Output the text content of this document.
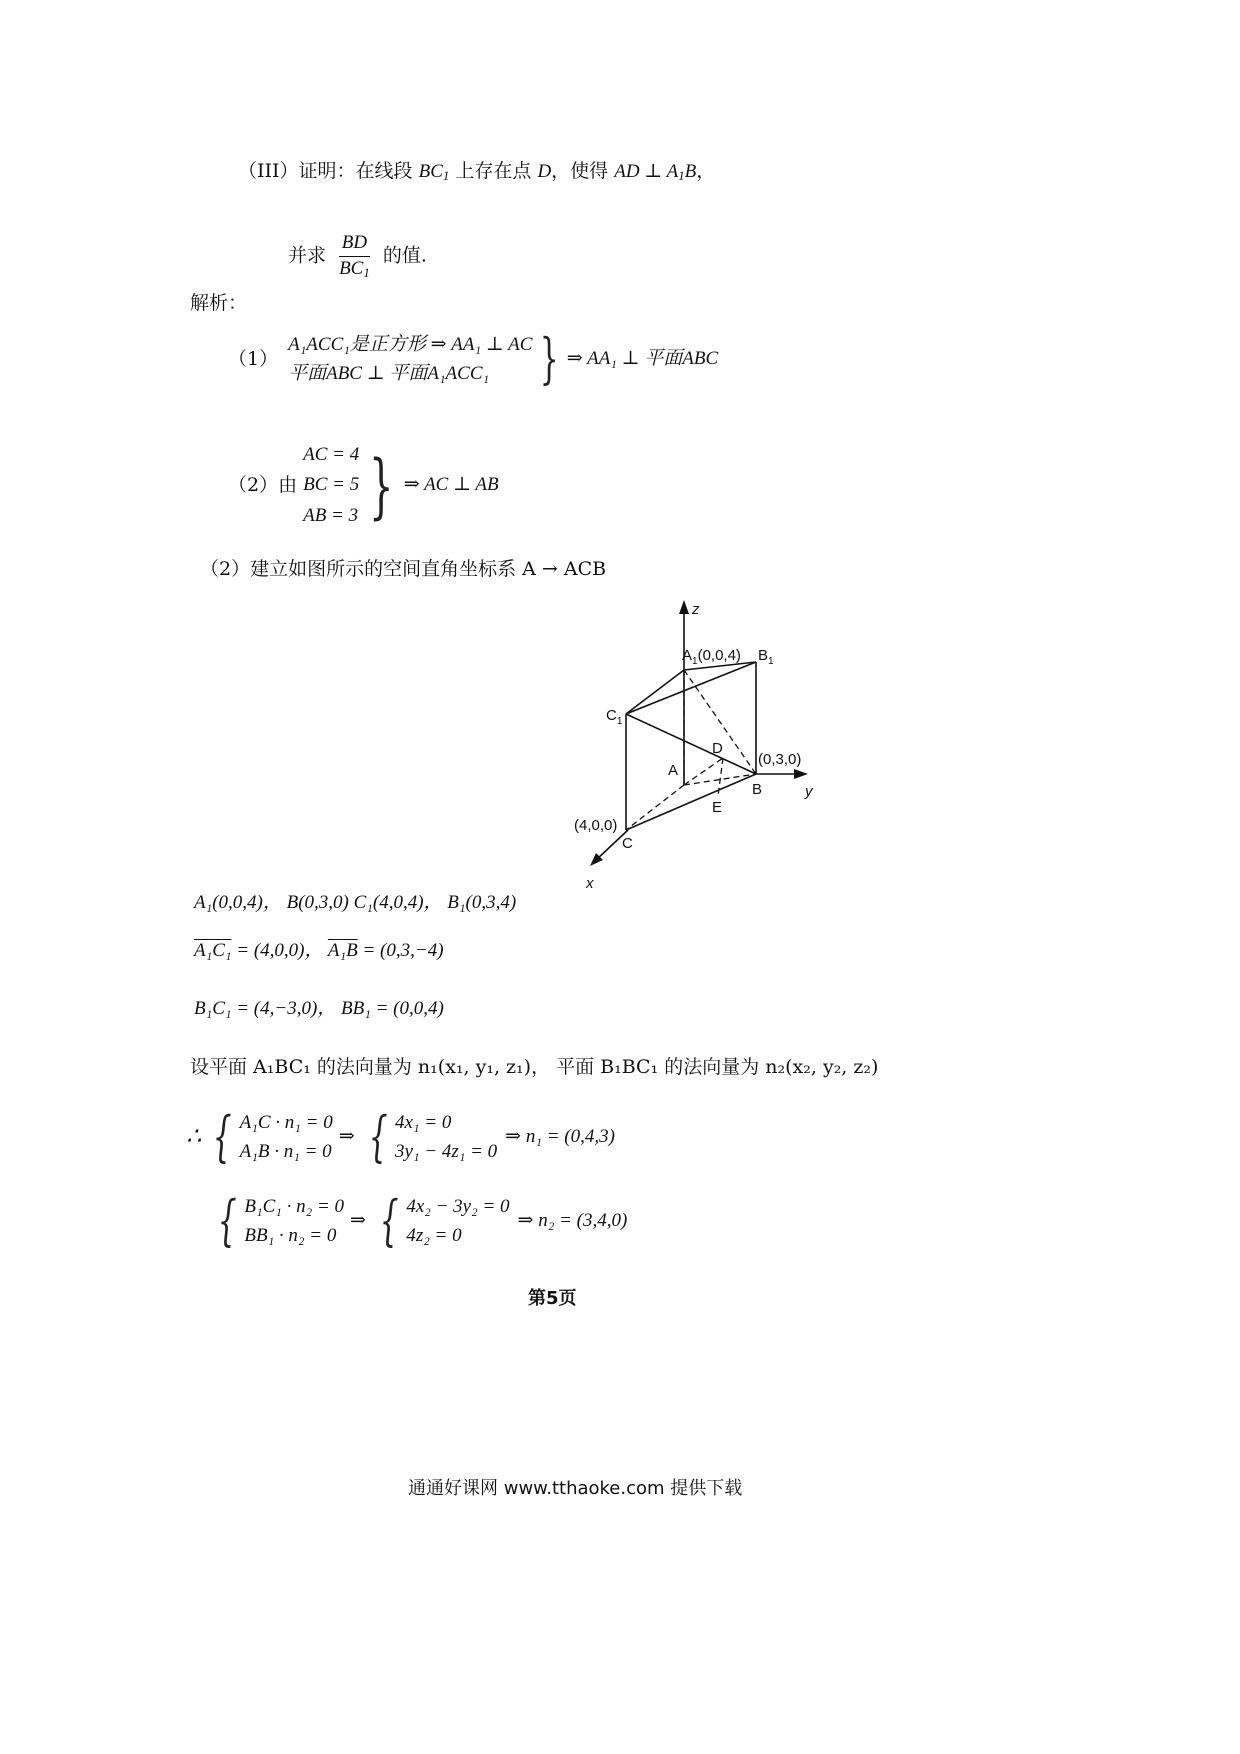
（III）证明：在线段 $BC_1$ 上存在点 D，使得 AD ⊥ $A_1B$，
并求 $\frac{BD}{BC_1}$ 的值.
解析：
（1）
A₁ACC₁是正方形 ⇒ AA₁ ⊥ AC
平面ABC ⊥ 平面A₁ACC₁ } ⇒ AA₁ ⊥ 平面ABC
（2）由
AC = 4
BC = 5
AB = 3 } ⇒ AC ⊥ AB
（2）建立如图所示的空间直角坐标系 A → ACB
z
y
x
$A_1(0,0,4)$ $B_1$
$C_1$
D
A
(0,3,0)
B
E
(4,0,0)
C
A₁(0,0,4)， B(0,3,0) C₁(4,0,4)， B₁(0,3,4)
A₁C₁ = (4,0,0)， A₁B = (0,3,−4)
B₁C₁ = (4,−3,0)， BB₁ = (0,0,4)
设平面 A₁BC₁ 的法向量为 n₁(x₁, y₁, z₁)， 平面 B₁BC₁ 的法向量为 n₂(x₂, y₂, z₂)
∴ { A₁C · n₁ = 0
A₁B · n₁ = 0
⇒ { 4x₁ = 0
3y₁ − 4z₁ = 0
⇒ n₁ = (0,4,3)
{ B₁C₁ · n₂ = 0
BB₁ · n₂ = 0
⇒ { 4x₂ − 3y₂ = 0
4z₂ = 0
⇒ n₂ = (3,4,0)
第5页
通通好课网 www.tthaoke.com 提供下载
